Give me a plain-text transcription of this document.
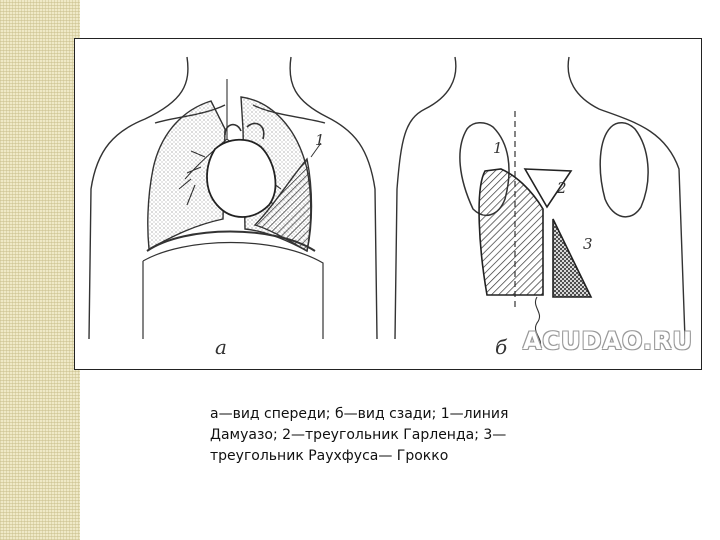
а	б
1	1
2
3
ACUDAO.RU
а—вид спереди; б—вид сзади; 1—линия
Дамуазо; 2—треугольник Гарленда; 3—
треугольник Раухфуса— Грокко
